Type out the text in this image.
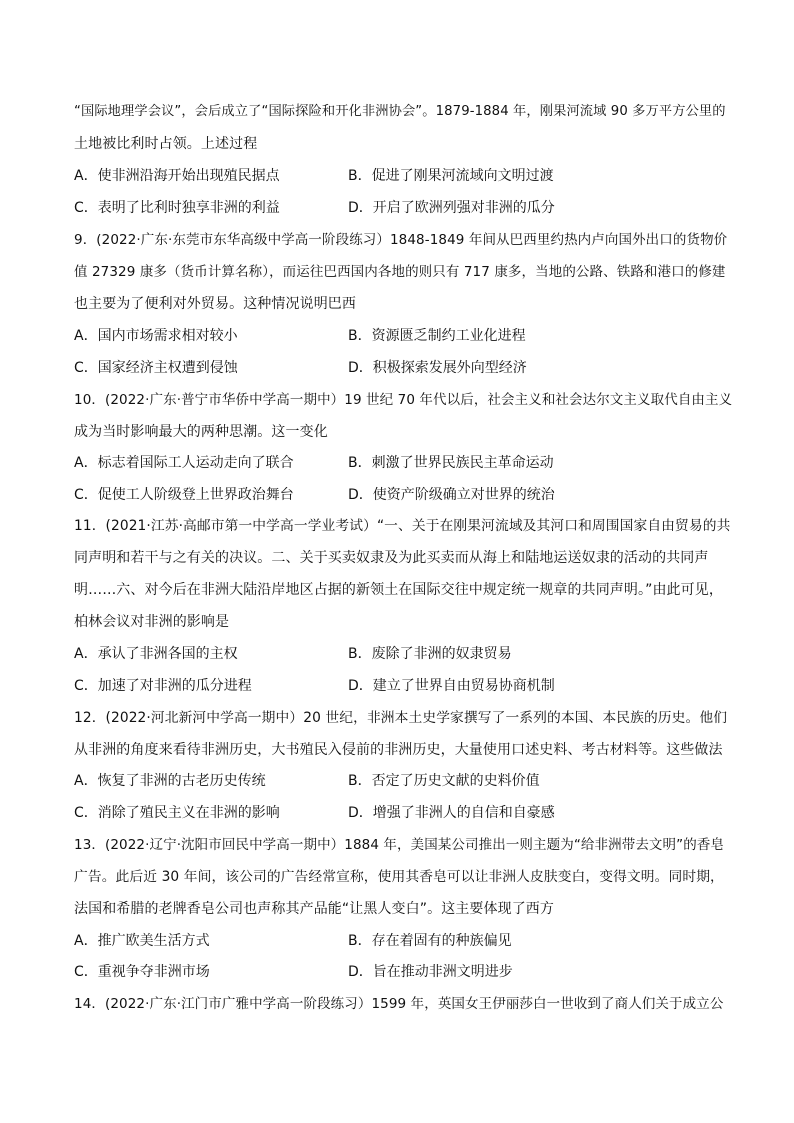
“国际地理学会议”，会后成立了“国际探险和开化非洲协会”。1879-1884 年，刚果河流域 90 多万平方公里的
土地被比利时占领。上述过程
A．使非洲沿海开始出现殖民据点	B．促进了刚果河流域向文明过渡
C．表明了比利时独享非洲的利益	D．开启了欧洲列强对非洲的瓜分
9．(2022·广东·东莞市东华高级中学高一阶段练习）1848-1849 年间从巴西里约热内卢向国外出口的货物价
值 27329 康多（货币计算名称），而运往巴西国内各地的则只有 717 康多，当地的公路、铁路和港口的修建
也主要为了便利对外贸易。这种情况说明巴西
A．国内市场需求相对较小	B．资源匮乏制约工业化进程
C．国家经济主权遭到侵蚀	D．积极探索发展外向型经济
10．(2022·广东·普宁市华侨中学高一期中）19 世纪 70 年代以后，社会主义和社会达尔文主义取代自由主义
成为当时影响最大的两种思潮。这一变化
A．标志着国际工人运动走向了联合	B．刺激了世界民族民主革命运动
C．促使工人阶级登上世界政治舞台	D．使资产阶级确立对世界的统治
11．(2021·江苏·高邮市第一中学高一学业考试）“一、关于在刚果河流域及其河口和周围国家自由贸易的共
同声明和若干与之有关的决议。二、关于买卖奴隶及为此买卖而从海上和陆地运送奴隶的活动的共同声
明……六、对今后在非洲大陆沿岸地区占据的新领土在国际交往中规定统一规章的共同声明。”由此可见，
柏林会议对非洲的影响是
A．承认了非洲各国的主权	B．废除了非洲的奴隶贸易
C．加速了对非洲的瓜分进程	D．建立了世界自由贸易协商机制
12．(2022·河北新河中学高一期中）20 世纪，非洲本土史学家撰写了一系列的本国、本民族的历史。他们
从非洲的角度来看待非洲历史，大书殖民入侵前的非洲历史，大量使用口述史料、考古材料等。这些做法
A．恢复了非洲的古老历史传统	B．否定了历史文献的史料价值
C．消除了殖民主义在非洲的影响	D．增强了非洲人的自信和自豪感
13．(2022·辽宁·沈阳市回民中学高一期中）1884 年，美国某公司推出一则主题为“给非洲带去文明”的香皂
广告。此后近 30 年间，该公司的广告经常宣称，使用其香皂可以让非洲人皮肤变白，变得文明。同时期，
法国和希腊的老牌香皂公司也声称其产品能“让黑人变白”。这主要体现了西方
A．推广欧美生活方式	B．存在着固有的种族偏见
C．重视争夺非洲市场	D．旨在推动非洲文明进步
14．(2022·广东·江门市广雅中学高一阶段练习）1599 年，英国女王伊丽莎白一世收到了商人们关于成立公
